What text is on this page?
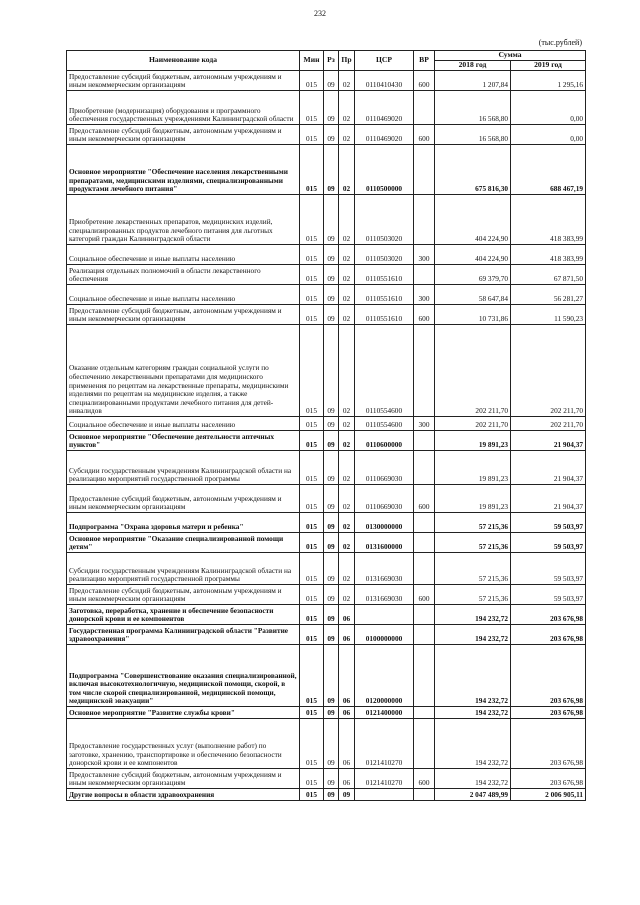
232
(тыс.рублей)
Наименование кода	Мин	Рз	Пр	ЦСР	ВР	Сумма	
						2018 год	2019 год
Предоставление субсидий бюджетным, автономным учреждениям и иным некоммерческим организациям	015	09	02	0110410430	600	1 207,84	1 295,16
Приобретение (модернизация) оборудования и программного обеспечения государственных учреждениями Калининградской области	015	09	02	0110469020		16 568,80	0,00
Предоставление субсидий бюджетным, автономным учреждениям и иным некоммерческим организациям	015	09	02	0110469020	600	16 568,80	0,00
Основное мероприятие "Обеспечение населения лекарственными препаратами, медицинскими изделиями, специализированными продуктами лечебного питания"	015	09	02	0110500000		675 816,30	688 467,19
Приобретение лекарственных препаратов, медицинских изделий, специализированных продуктов лечебного питания для льготных категорий граждан Калининградской области	015	09	02	0110503020		404 224,90	418 383,99
Социальное обеспечение и иные выплаты населению	015	09	02	0110503020	300	404 224,90	418 383,99
Реализация отдельных полномочий в области лекарственного обеспечения	015	09	02	0110551610		69 379,70	67 871,50
Социальное обеспечение и иные выплаты населению	015	09	02	0110551610	300	58 647,84	56 281,27
Предоставление субсидий бюджетным, автономным учреждениям и иным некоммерческим организациям	015	09	02	0110551610	600	10 731,86	11 590,23
Оказание отдельным категориям граждан социальной услуги по обеспечению лекарственными препаратами для медицинского применения по рецептам на лекарственные препараты, медицинскими изделиями по рецептам на медицинские изделия, а также специализированными продуктами лечебного питания для детей-инвалидов	015	09	02	0110554600		202 211,70	202 211,70
Социальное обеспечение и иные выплаты населению	015	09	02	0110554600	300	202 211,70	202 211,70
Основное мероприятие "Обеспечение деятельности аптечных пунктов"	015	09	02	0110600000		19 891,23	21 904,37
Субсидии государственным учреждениям Калининградской области на реализацию мероприятий государственной программы	015	09	02	0110669030		19 891,23	21 904,37
Предоставление субсидий бюджетным, автономным учреждениям и иным некоммерческим организациям	015	09	02	0110669030	600	19 891,23	21 904,37
Подпрограмма "Охрана здоровья матери и ребенка"	015	09	02	0130000000		57 215,36	59 503,97
Основное мероприятие "Оказание специализированной помощи детям"	015	09	02	0131600000		57 215,36	59 503,97
Субсидии государственным учреждениям Калининградской области на реализацию мероприятий государственной программы	015	09	02	0131669030		57 215,36	59 503,97
Предоставление субсидий бюджетным, автономным учреждениям и иным некоммерческим организациям	015	09	02	0131669030	600	57 215,36	59 503,97
Заготовка, переработка, хранение и обеспечение безопасности донорской крови и ее компонентов	015	09	06			194 232,72	203 676,98
Государственная программа Калининградской области "Развитие здравоохранения"	015	09	06	0100000000		194 232,72	203 676,98
Подпрограмма "Совершенствование оказания специализированной, включая высокотехнологичную, медицинской помощи, скорой, в том числе скорой специализированной, медицинской помощи, медицинской эвакуации"	015	09	06	0120000000		194 232,72	203 676,98
Основное мероприятие "Развитие службы крови"	015	09	06	0121400000		194 232,72	203 676,98
Предоставление государственных услуг (выполнение работ) по заготовке, хранению, транспортировке и обеспечению безопасности донорской крови и ее компонентов	015	09	06	0121410270		194 232,72	203 676,98
Предоставление субсидий бюджетным, автономным учреждениям и иным некоммерческим организациям	015	09	06	0121410270	600	194 232,72	203 676,98
Другие вопросы в области здравоохранения	015	09	09			2 047 489,99	2 006 905,11
